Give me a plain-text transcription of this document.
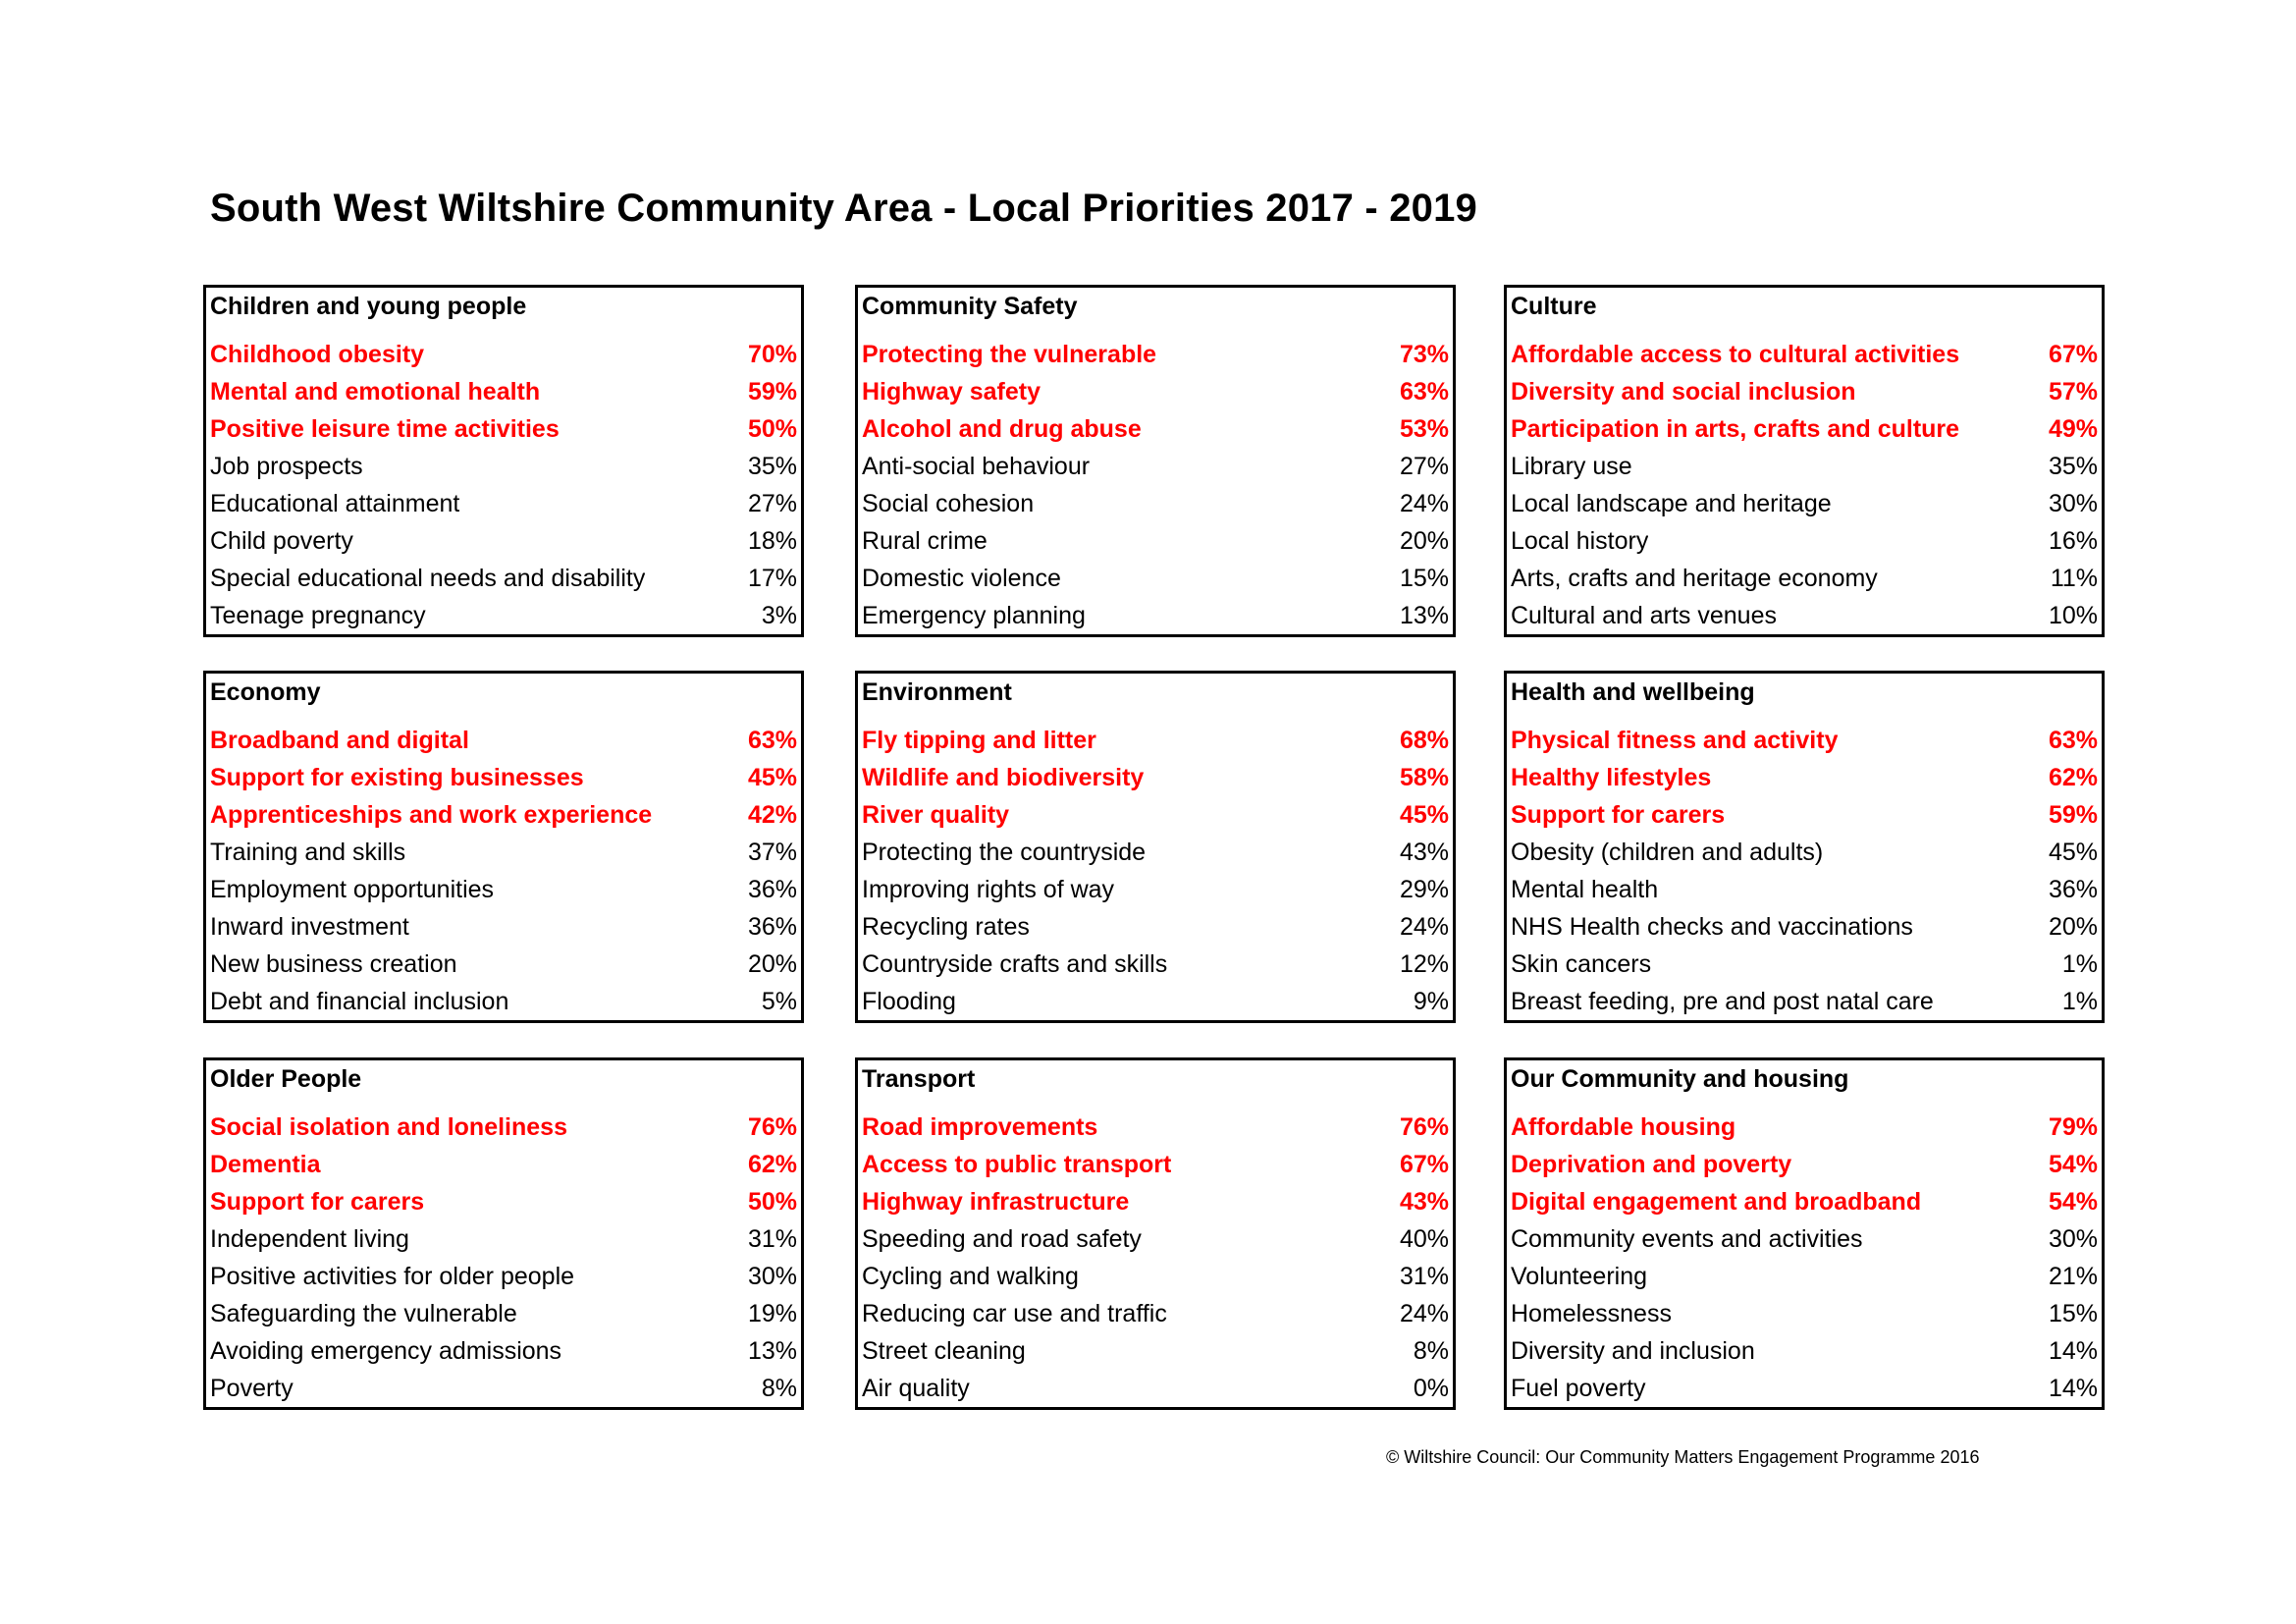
South West Wiltshire Community Area - Local Priorities 2017 - 2019
Children and young people
Childhood obesity	70%
Mental and emotional health	59%
Positive leisure time activities	50%
Job prospects	35%
Educational attainment	27%
Child poverty	18%
Special educational needs and disability	17%
Teenage pregnancy	3%
Community Safety
Protecting the vulnerable	73%
Highway safety	63%
Alcohol and drug abuse	53%
Anti-social behaviour	27%
Social cohesion	24%
Rural crime	20%
Domestic violence	15%
Emergency planning	13%
Culture
Affordable access to cultural activities	67%
Diversity and social inclusion	57%
Participation in arts, crafts and culture	49%
Library use	35%
Local landscape and heritage	30%
Local history	16%
Arts, crafts and heritage economy	11%
Cultural and arts venues	10%
Economy
Broadband and digital	63%
Support for existing businesses	45%
Apprenticeships and work experience	42%
Training and skills	37%
Employment opportunities	36%
Inward investment	36%
New business creation	20%
Debt and financial inclusion	5%
Environment
Fly tipping and litter	68%
Wildlife and biodiversity	58%
River quality	45%
Protecting the countryside	43%
Improving rights of way	29%
Recycling rates	24%
Countryside crafts and skills	12%
Flooding	9%
Health and wellbeing
Physical fitness and activity	63%
Healthy lifestyles	62%
Support for carers	59%
Obesity (children and adults)	45%
Mental health	36%
NHS Health checks and vaccinations	20%
Skin cancers	1%
Breast feeding, pre and post natal care	1%
Older People
Social isolation and loneliness	76%
Dementia	62%
Support for carers	50%
Independent living	31%
Positive activities for older people	30%
Safeguarding the vulnerable	19%
Avoiding emergency admissions	13%
Poverty	8%
Transport
Road improvements	76%
Access to public transport	67%
Highway infrastructure	43%
Speeding and road safety	40%
Cycling and walking	31%
Reducing car use and traffic	24%
Street cleaning	8%
Air quality	0%
Our Community and housing
Affordable housing	79%
Deprivation and poverty	54%
Digital engagement and broadband	54%
Community events and activities	30%
Volunteering	21%
Homelessness	15%
Diversity and inclusion	14%
Fuel poverty	14%
© Wiltshire Council: Our Community Matters Engagement Programme 2016
